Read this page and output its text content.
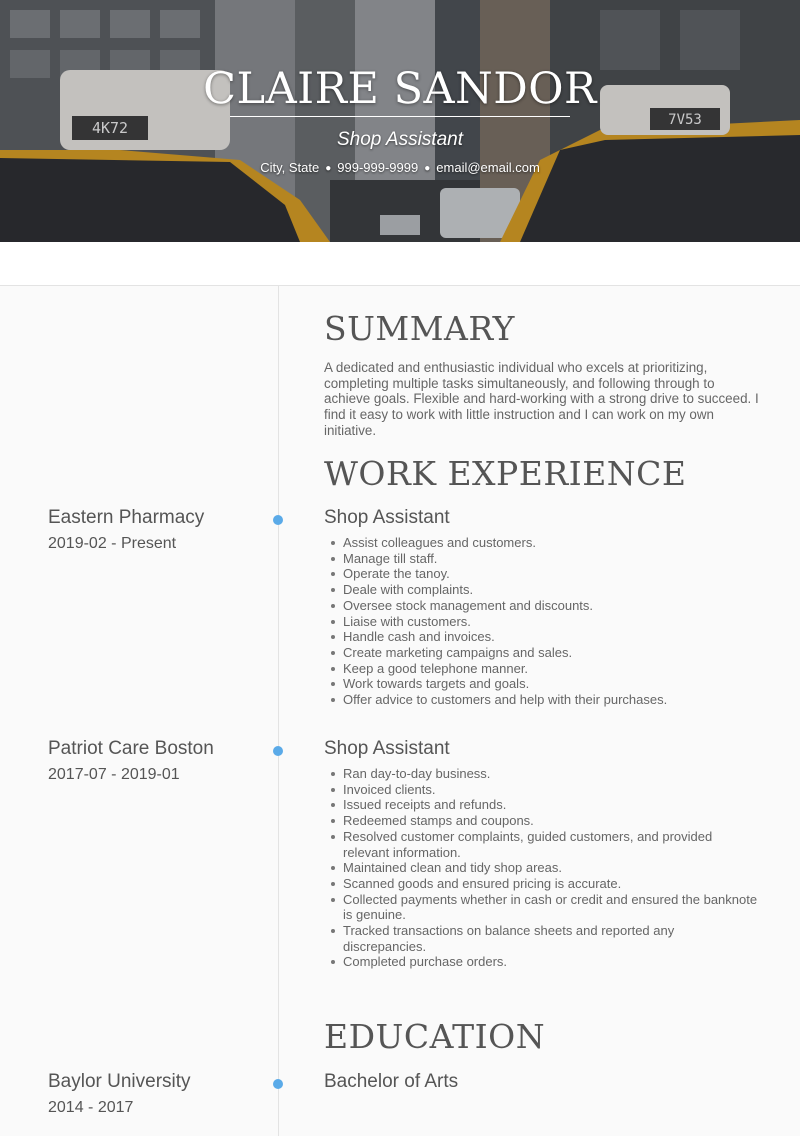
4K72	7V53
CLAIRE SANDOR
Shop Assistant
City, State ● 999-999-9999 ● email@email.com
SUMMARY

A dedicated and enthusiastic individual who excels at prioritizing, completing multiple tasks simultaneously, and following through to achieve goals. Flexible and hard-working with a strong drive to succeed. I find it easy to work with little instruction and I can work on my own initiative.

WORK EXPERIENCE
Eastern Pharmacy
2019-02 - Present
Shop Assistant
Assist colleagues and customers.
Manage till staff.
Operate the tanoy.
Deale with complaints.
Oversee stock management and discounts.
Liaise with customers.
Handle cash and invoices.
Create marketing campaigns and sales.
Keep a good telephone manner.
Work towards targets and goals.
Offer advice to customers and help with their purchases.
Patriot Care Boston
2017-07 - 2019-01
Shop Assistant
Ran day-to-day business.
Invoiced clients.
Issued receipts and refunds.
Redeemed stamps and coupons.
Resolved customer complaints, guided customers, and provided relevant information.
Maintained clean and tidy shop areas.
Scanned goods and ensured pricing is accurate.
Collected payments whether in cash or credit and ensured the banknote is genuine.
Tracked transactions on balance sheets and reported any discrepancies.
Completed purchase orders.
EDUCATION
Baylor University
2014 - 2017
Bachelor of Arts
